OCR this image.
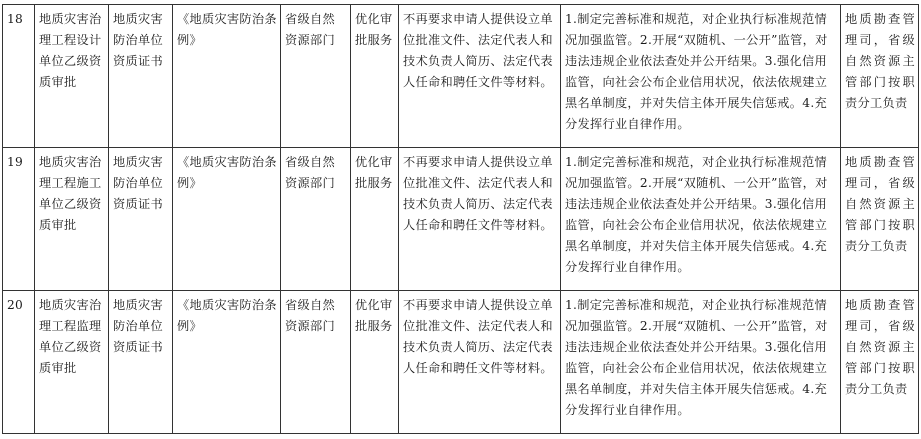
18	地质灾害治理工程设计单位乙级资质审批	地质灾害防治单位资质证书	《地质灾害防治条例》	省级自然资源部门	优化审批服务	不再要求申请人提供设立单位批准文件、法定代表人和技术负责人简历、法定代表人任命和聘任文件等材料。	1.制定完善标准和规范，对企业执行标准规范情况加强监管。2.开展“双随机、一公开”监管，对违法违规企业依法查处并公开结果。3.强化信用监管，向社会公布企业信用状况，依法依规建立黑名单制度，并对失信主体开展失信惩戒。4.充分发挥行业自律作用。	地质勘查管理司，省级自然资源主管部门按职责分工负责
19	地质灾害治理工程施工单位乙级资质审批	地质灾害防治单位资质证书	《地质灾害防治条例》	省级自然资源部门	优化审批服务	不再要求申请人提供设立单位批准文件、法定代表人和技术负责人简历、法定代表人任命和聘任文件等材料。	1.制定完善标准和规范，对企业执行标准规范情况加强监管。2.开展“双随机、一公开”监管，对违法违规企业依法查处并公开结果。3.强化信用监管，向社会公布企业信用状况，依法依规建立黑名单制度，并对失信主体开展失信惩戒。4.充分发挥行业自律作用。	地质勘查管理司，省级自然资源主管部门按职责分工负责
20	地质灾害治理工程监理单位乙级资质审批	地质灾害防治单位资质证书	《地质灾害防治条例》	省级自然资源部门	优化审批服务	不再要求申请人提供设立单位批准文件、法定代表人和技术负责人简历、法定代表人任命和聘任文件等材料。	1.制定完善标准和规范，对企业执行标准规范情况加强监管。2.开展“双随机、一公开”监管，对违法违规企业依法查处并公开结果。3.强化信用监管，向社会公布企业信用状况，依法依规建立黑名单制度，并对失信主体开展失信惩戒。4.充分发挥行业自律作用。	地质勘查管理司，省级自然资源主管部门按职责分工负责
